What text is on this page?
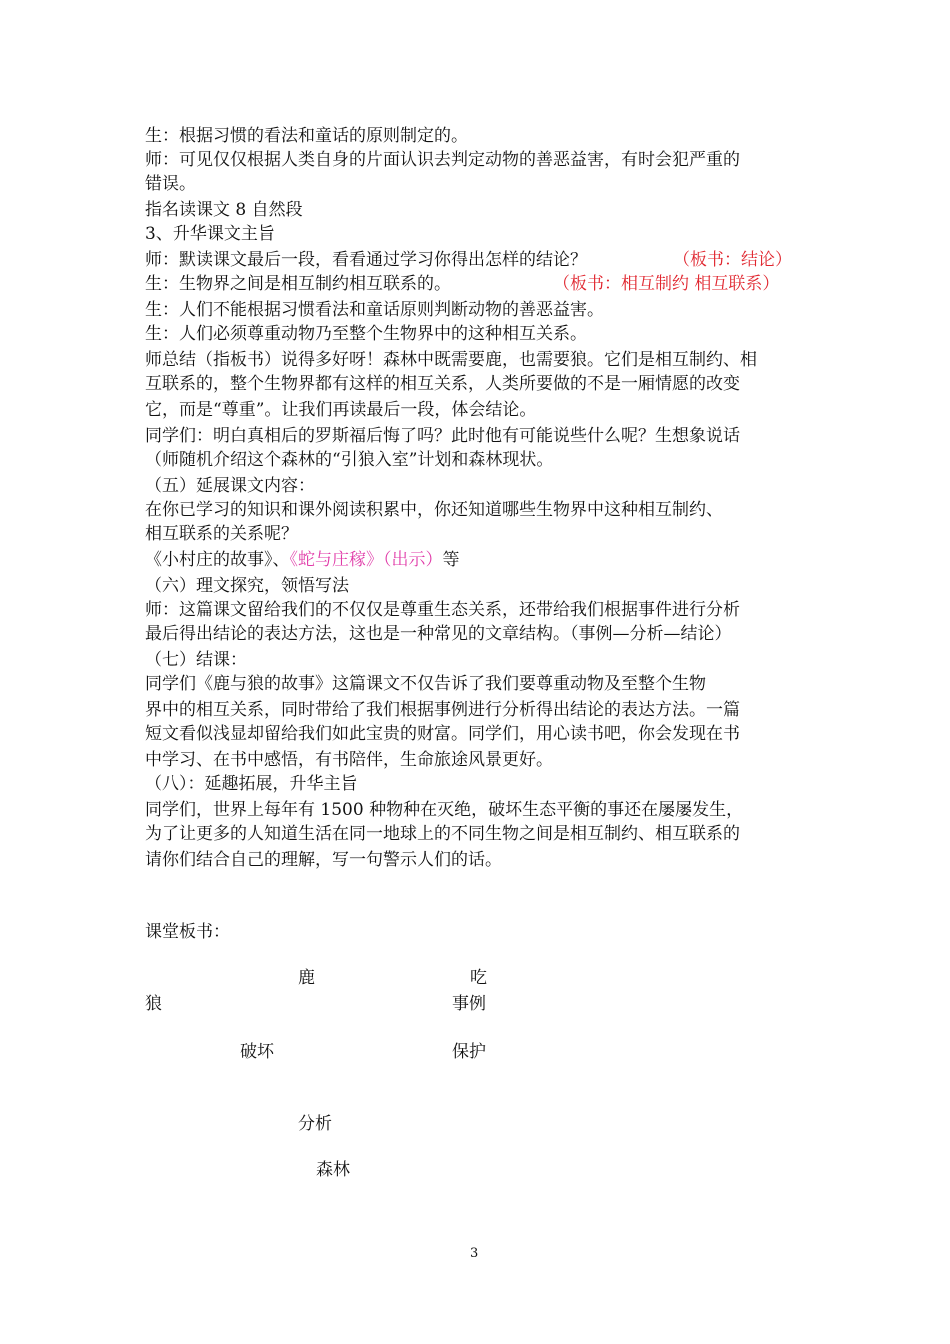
生：根据习惯的看法和童话的原则制定的。
师：可见仅仅根据人类自身的片面认识去判定动物的善恶益害，有时会犯严重的
错误。
指名读课文 8 自然段
3、升华课文主旨
师：默读课文最后一段，看看通过学习你得出怎样的结论？	（板书：结论）
生：生物界之间是相互制约相互联系的。	（板书：相互制约 相互联系）
生：人们不能根据习惯看法和童话原则判断动物的善恶益害。
生：人们必须尊重动物乃至整个生物界中的这种相互关系。
师总结（指板书）说得多好呀！森林中既需要鹿，也需要狼。它们是相互制约、相
互联系的，整个生物界都有这样的相互关系，人类所要做的不是一厢情愿的改变
它，而是“尊重”。让我们再读最后一段，体会结论。
同学们：明白真相后的罗斯福后悔了吗？此时他有可能说些什么呢？生想象说话
（师随机介绍这个森林的“引狼入室”计划和森林现状。
（五）延展课文内容：
在你已学习的知识和课外阅读积累中，你还知道哪些生物界中这种相互制约、
相互联系的关系呢？
《小村庄的故事》、《蛇与庄稼》（出示）等
（六）理文探究，领悟写法
师：这篇课文留给我们的不仅仅是尊重生态关系，还带给我们根据事件进行分析
最后得出结论的表达方法，这也是一种常见的文章结构。（事例—分析—结论）
（七）结课：
同学们《鹿与狼的故事》这篇课文不仅告诉了我们要尊重动物及至整个生物
界中的相互关系，同时带给了我们根据事例进行分析得出结论的表达方法。一篇
短文看似浅显却留给我们如此宝贵的财富。同学们，用心读书吧，你会发现在书
中学习、在书中感悟，有书陪伴，生命旅途风景更好。
（八）：延趣拓展，升华主旨
同学们，世界上每年有 1500 种物种在灭绝，破坏生态平衡的事还在屡屡发生，
为了让更多的人知道生活在同一地球上的不同生物之间是相互制约、相互联系的
请你们结合自己的理解，写一句警示人们的话。
课堂板书：
鹿	吃
狼	事例
破坏	保护
分析
森林
3
